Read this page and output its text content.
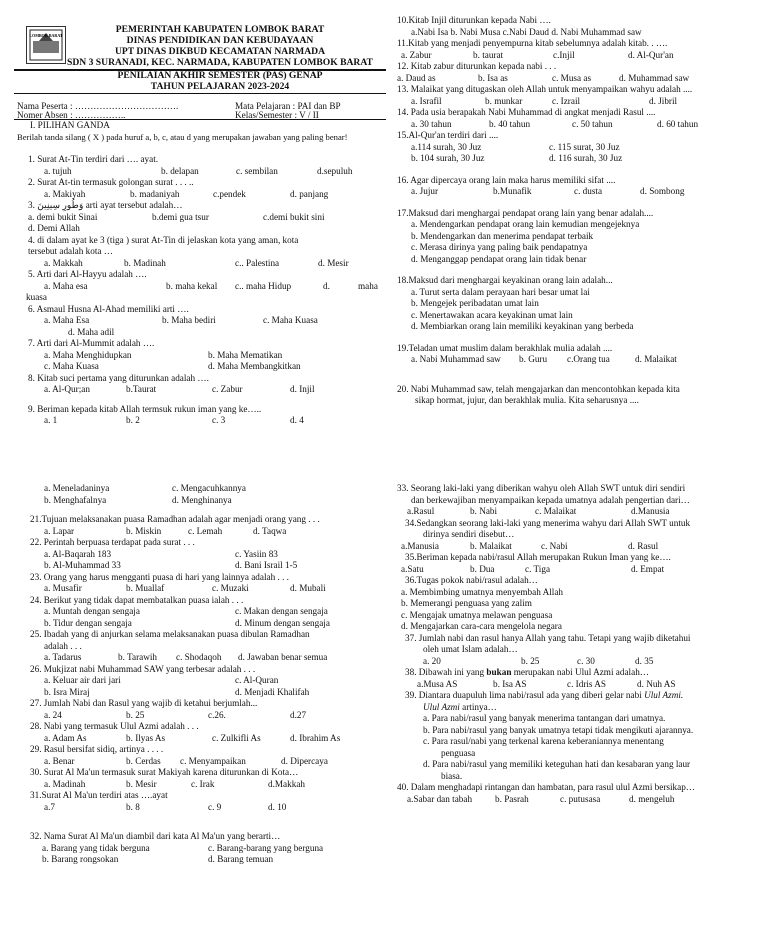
LOMBOK BARAT
PEMERINTAH KABUPATEN LOMBOK BARAT
DINAS PENDIDIKAN DAN KEBUDAYAAN
UPT DINAS DIKBUD KECAMATAN NARMADA
SDN 3 SURANADI, KEC. NARMADA, KABUPATEN LOMBOK BARAT
PENILAIAN AKHIR SEMESTER (PAS) GENAP
TAHUN PELAJARAN 2023-2024
Nama Peserta : …………………………….
Nomer Absen : ……………..
Mata Pelajaran : PAI dan BP
Kelas/Semester : V / II
I. PILIHAN GANDA
Berilah tanda silang ( X ) pada huruf a, b, c, atau d yang merupakan jawaban yang paling benar!
1. Surat At-Tin terdiri dari …. ayat.
a. tujuh	b. delapan	c. sembilan	d.sepuluh
2. Surat At-tin termasuk golongan surat . . . ..
a. Makiyah	b. madaniyah	c.pendek	d. panjang
3. وَطُورِ سِينِينَ arti ayat tersebut adalah…
a. demi bukit Sinai	b.demi gua tsur	c.demi bukit sini
d. Demi Allah
4. di dalam ayat ke 3 (tiga ) surat At-Tin di jelaskan kota yang aman, kota
tersebut adalah kota …
a. Makkah	b. Madinah	c.. Palestina	d. Mesir
5. Arti dari Al-Hayyu adalah ….
a. Maha esa	b. maha kekal c.. maha Hidup	d.	maha
kuasa
6. Asmaul Husna Al-Ahad memiliki arti ….
a. Maha Esa	b. Maha bediri	c. Maha Kuasa
d. Maha adil
7. Arti dari Al-Mummit adalah ….
a. Maha Menghidupkan	b. Maha Mematikan
c. Maha Kuasa	d. Maha Membangkitkan
8. Kitab suci pertama yang diturunkan adalah ….
a. Al-Qur;an	b.Taurat	c. Zabur	d. Injil
9. Beriman kepada kitab Allah termsuk rukun iman yang ke…..
a. 1	b. 2	c. 3	d. 4
10.Kitab Injil diturunkan kepada Nabi ….
a.Nabi Isa b. Nabi Musa c.Nabi Daud d. Nabi Muhammad saw
11.Kitab yang menjadi penyempurna kitab sebelumnya adalah kitab. . ….
a. Zabur	b. taurat	c.Injil	d. Al-Qur'an
12. Kitab zabur diturunkan kepada nabi . . .
a. Daud as	b. Isa as	c. Musa as	d. Muhammad saw
13. Malaikat yang ditugaskan oleh Allah untuk menyampaikan wahyu adalah ....
a. Israfil	b. munkar	c. Izrail	d. Jibril
14. Pada usia berapakah Nabi Muhammad di angkat menjadi Rasul ....
a. 30 tahun	b. 40 tahun	c. 50 tahun	d. 60 tahun
15.Al-Qur'an terdiri dari ....
a.114 surah, 30 Juz	c. 115 surat, 30 Juz
b. 104 surah, 30 Juz	d. 116 surah, 30 Juz
16. Agar dipercaya orang lain maka harus memiliki sifat ....
a. Jujur	b.Munafik	c. dusta	d. Sombong
17.Maksud dari menghargai pendapat orang lain yang benar adalah....
a. Mendengarkan pendapat orang lain kemudian mengejeknya
b. Mendengarkan dan menerima pendapat terbaik
c. Merasa dirinya yang paling baik pendapatnya
d. Menganggap pendapat orang lain tidak benar
18.Maksud dari menghargai keyakinan orang lain adalah...
a. Turut serta dalam perayaan hari besar umat lai
b. Mengejek peribadatan umat lain
c. Menertawakan acara keyakinan umat lain
d. Membiarkan orang lain memiliki keyakinan yang berbeda
19.Teladan umat muslim dalam berakhlak mulia adalah ....
a. Nabi Muhammad saw b. Guru c.Orang tua	d. Malaikat
20. Nabi Muhammad saw, telah mengajarkan dan mencontohkan kepada kita
sikap hormat, jujur, dan berakhlak mulia. Kita seharusnya ....
a. Meneladaninya	c. Mengacuhkannya
b. Menghafalnya	d. Menghinanya
21.Tujuan melaksanakan puasa Ramadhan adalah agar menjadi orang yang . . .
a. Lapar	b. Miskin	c. Lemah	d. Taqwa
22. Perintah berpuasa terdapat pada surat . . .
a. Al-Baqarah 183	c. Yasiin 83
b. Al-Muhammad 33	d. Bani Israil 1-5
23. Orang yang harus mengganti puasa di hari yang lainnya adalah . . .
a. Musafir	b. Muallaf	c. Muzaki	d. Mubali
24. Berikut yang tidak dapat membatalkan puasa ialah . . .
a. Muntah dengan sengaja	c. Makan dengan sengaja
b. Tidur dengan sengaja	d. Minum dengan sengaja
25. Ibadah yang di anjurkan selama melaksanakan puasa dibulan Ramadhan
adalah . . .
a. Tadarus	b. Tarawih c. Shodaqoh d. Jawaban benar semua
26. Mukjizat nabi Muhammad SAW yang terbesar adalah . . .
a. Keluar air dari jari	c. Al-Quran
b. Isra Miraj	d. Menjadi Khalifah
27. Jumlah Nabi dan Rasul yang wajib di ketahui berjumlah...
a. 24	b. 25	c.26.	d.27
28. Nabi yang termasuk Ulul Azmi adalah . . .
a. Adam As	b. Ilyas As	c. Zulkifli As	d. Ibrahim As
29. Rasul bersifat sidiq, artinya . . . .
a. Benar	b. Cerdas c. Menyampaikan	d. Dipercaya
30. Surat Al Ma'un termasuk surat Makiyah karena diturunkan di Kota…
a. Madinah	b. Mesir	c. Irak	d.Makkah
31.Surat Al Ma'un terdiri atas ….ayat
a.7	b. 8	c. 9	d. 10
32. Nama Surat Al Ma'un diambil dari kata Al Ma'un yang berarti…
a. Barang yang tidak berguna	c. Barang-barang yang berguna
b. Barang rongsokan	d. Barang temuan
33. Seorang laki-laki yang diberikan wahyu oleh Allah SWT untuk diri sendiri
dan berkewajiban menyampaikan kepada umatnya adalah pengertian dari…
a.Rasul	b. Nabi	c. Malaikat	d.Manusia
34.Sedangkan seorang laki-laki yang menerima wahyu dari Allah SWT untuk
dirinya sendiri disebut…
a.Manusia	b. Malaikat	c. Nabi	d. Rasul
35.Beriman kepada nabi/rasul Allah merupakan Rukun Iman yang ke….
a.Satu	b. Dua	c. Tiga	d. Empat
36.Tugas pokok nabi/rasul adalah…
a. Membimbing umatnya menyembah Allah
b. Memerangi penguasa yang zalim
c. Mengajak umatnya melawan penguasa
d. Mengajarkan cara-cara mengelola negara
37. Jumlah nabi dan rasul hanya Allah yang tahu. Tetapi yang wajib diketahui
oleh umat Islam adalah…
a. 20	b. 25	c. 30	d. 35
38. Dibawah ini yang bukan merupakan nabi Ulul Azmi adalah…
a.Musa AS	b. Isa AS	c. Idris AS	d. Nuh AS
39. Diantara duapuluh lima nabi/rasul ada yang diberi gelar nabi Ulul Azmi.
Ulul Azmi artinya…
a. Para nabi/rasul yang banyak menerima tantangan dari umatnya.
b. Para nabi/rasul yang banyak umatnya tetapi tidak mengikuti ajarannya.
c. Para rasul/nabi yang terkenal karena keberaniannya menentang
penguasa
d. Para nabi/rasul yang memiliki keteguhan hati dan kesabaran yang laur
biasa.
40. Dalam menghadapi rintangan dan hambatan, para rasul ulul Azmi bersikap…
a.Sabar dan tabah b. Pasrah	c. putusasa	d. mengeluh
